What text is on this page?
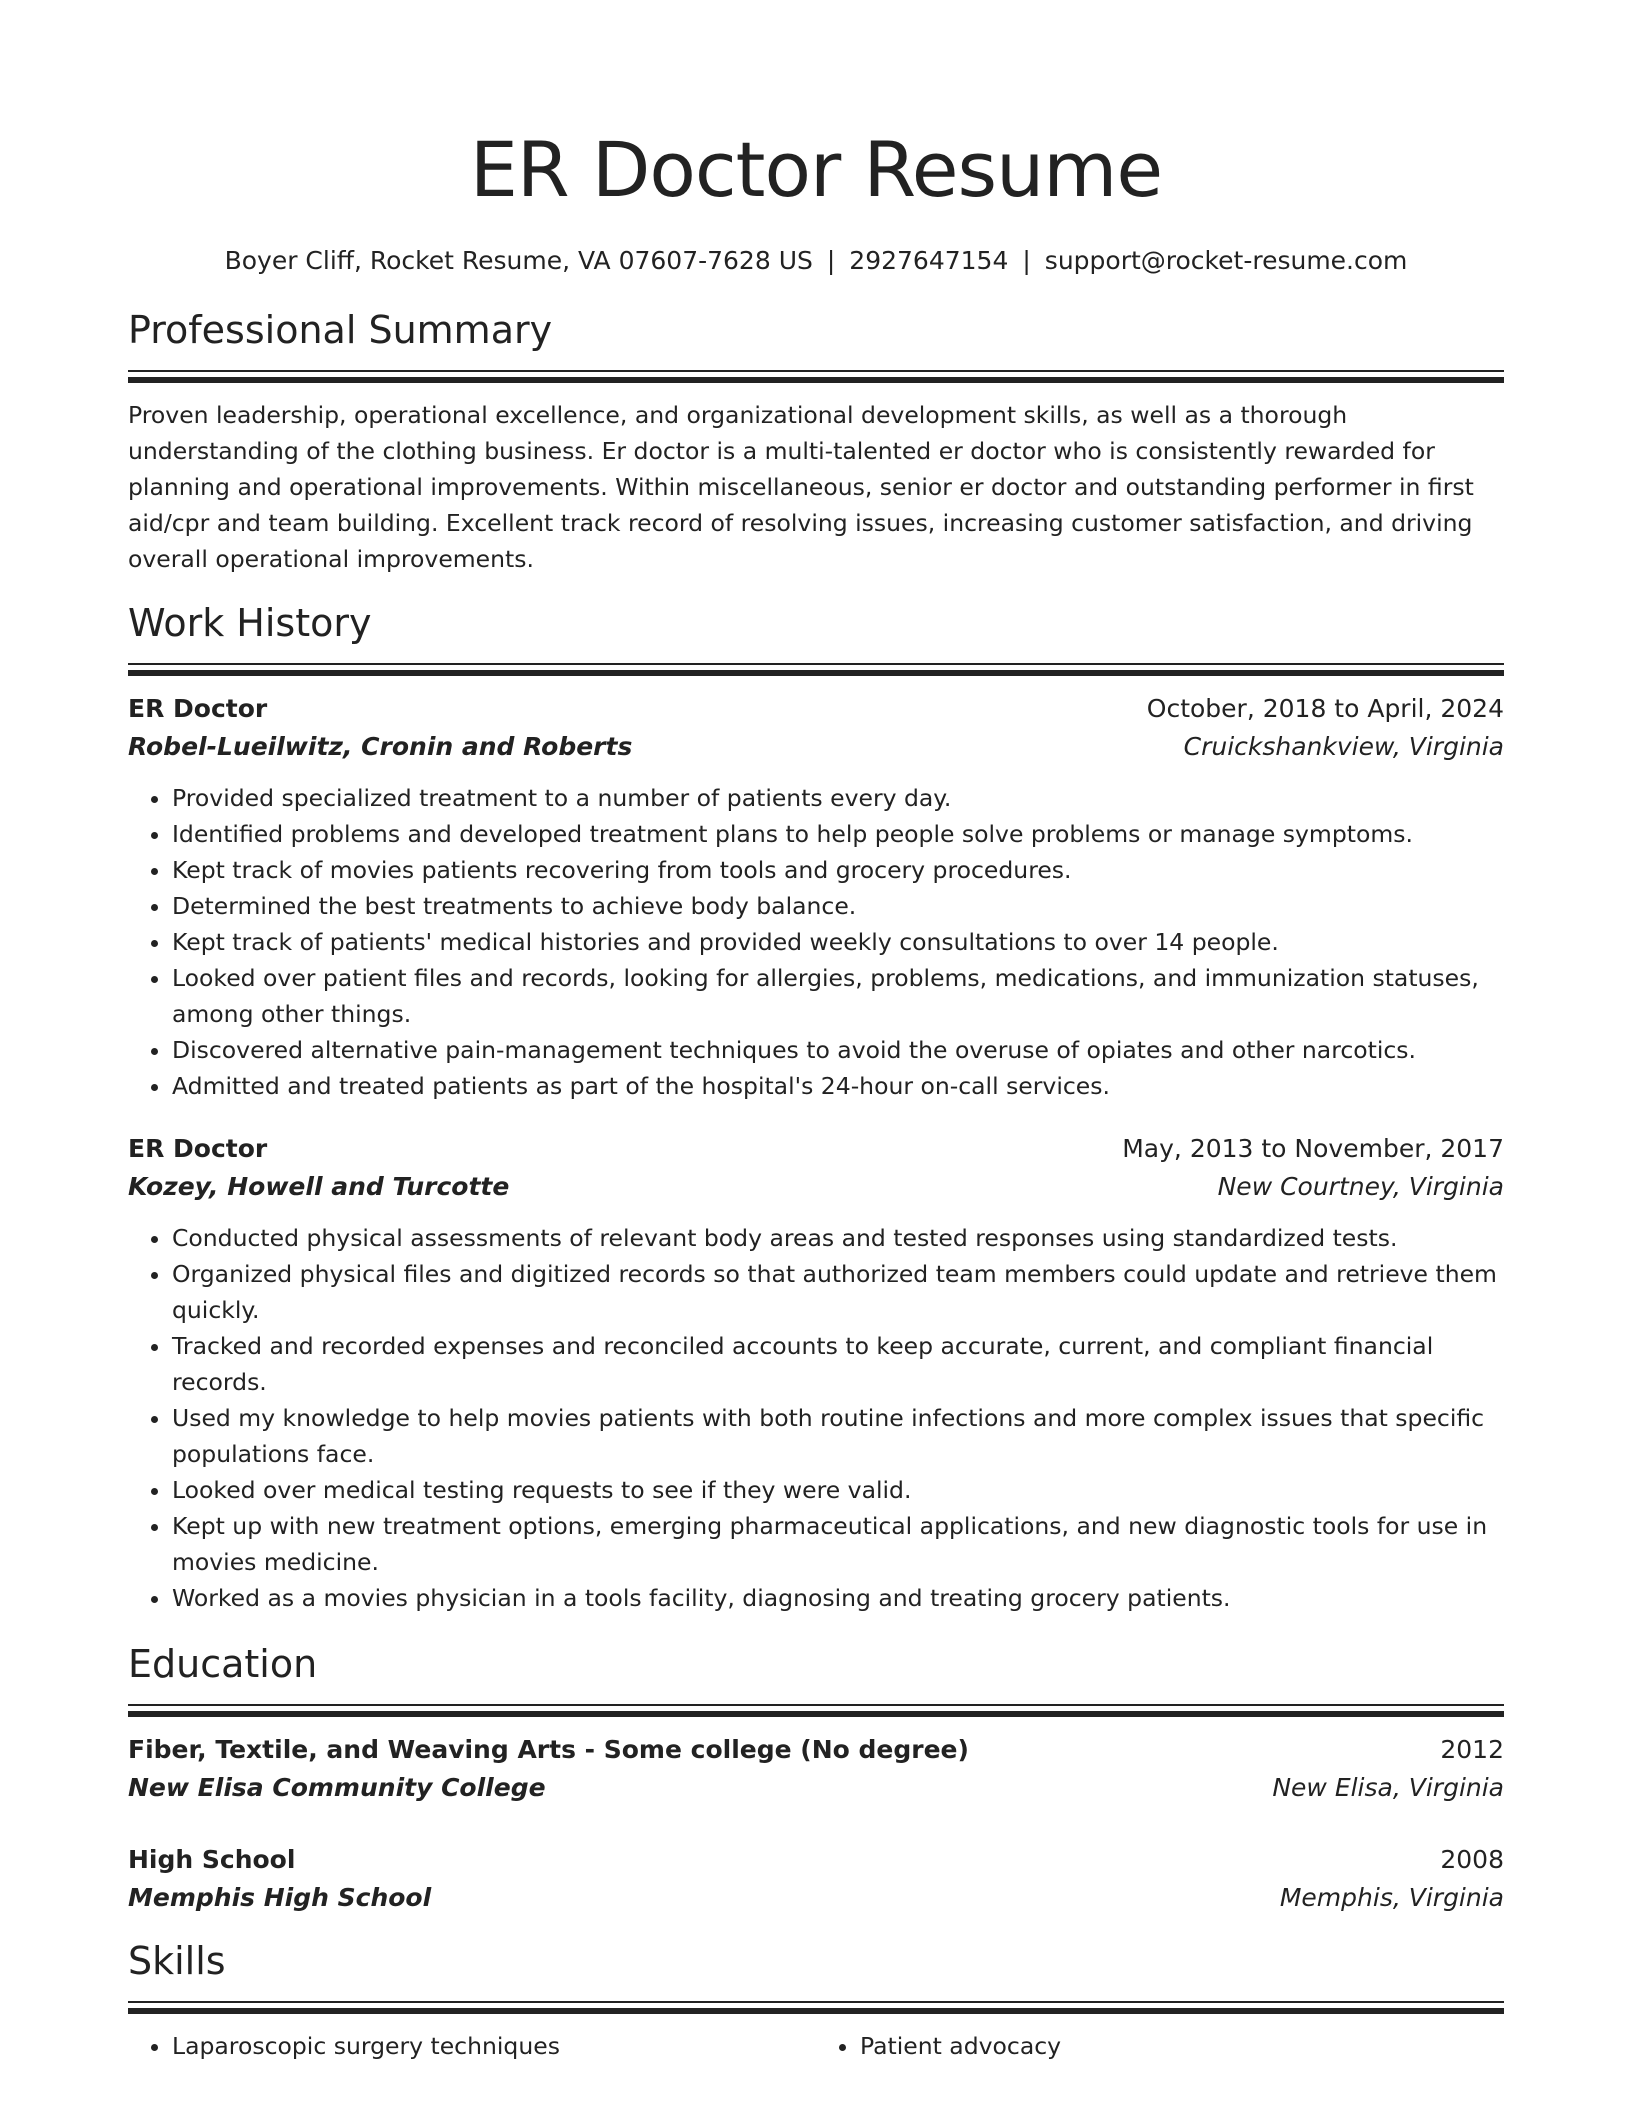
ER Doctor Resume
Boyer Cliff, Rocket Resume, VA 07607-7628 US | 2927647154 | support@rocket-resume.com
Professional Summary

Proven leadership, operational excellence, and organizational development skills, as well as a thorough understanding of the clothing business. Er doctor is a multi-talented er doctor who is consistently rewarded for planning and operational improvements. Within miscellaneous, senior er doctor and outstanding performer in first aid/cpr and team building. Excellent track record of resolving issues, increasing customer satisfaction, and driving overall operational improvements.

Work History
ER Doctor	October, 2018 to April, 2024
Robel-Lueilwitz, Cronin and Roberts	Cruickshankview, Virginia
• Provided specialized treatment to a number of patients every day.
• Identified problems and developed treatment plans to help people solve problems or manage symptoms.
• Kept track of movies patients recovering from tools and grocery procedures.
• Determined the best treatments to achieve body balance.
• Kept track of patients' medical histories and provided weekly consultations to over 14 people.
• Looked over patient files and records, looking for allergies, problems, medications, and immunization statuses, among other things.
• Discovered alternative pain-management techniques to avoid the overuse of opiates and other narcotics.
• Admitted and treated patients as part of the hospital's 24-hour on-call services.
ER Doctor	May, 2013 to November, 2017
Kozey, Howell and Turcotte	New Courtney, Virginia
• Conducted physical assessments of relevant body areas and tested responses using standardized tests.
• Organized physical files and digitized records so that authorized team members could update and retrieve them quickly.
• Tracked and recorded expenses and reconciled accounts to keep accurate, current, and compliant financial records.
• Used my knowledge to help movies patients with both routine infections and more complex issues that specific populations face.
• Looked over medical testing requests to see if they were valid.
• Kept up with new treatment options, emerging pharmaceutical applications, and new diagnostic tools for use in movies medicine.
• Worked as a movies physician in a tools facility, diagnosing and treating grocery patients.
Education
Fiber, Textile, and Weaving Arts - Some college (No degree)	2012
New Elisa Community College	New Elisa, Virginia
High School	2008
Memphis High School	Memphis, Virginia
Skills
• Laparoscopic surgery techniques
•	Patient advocacy
